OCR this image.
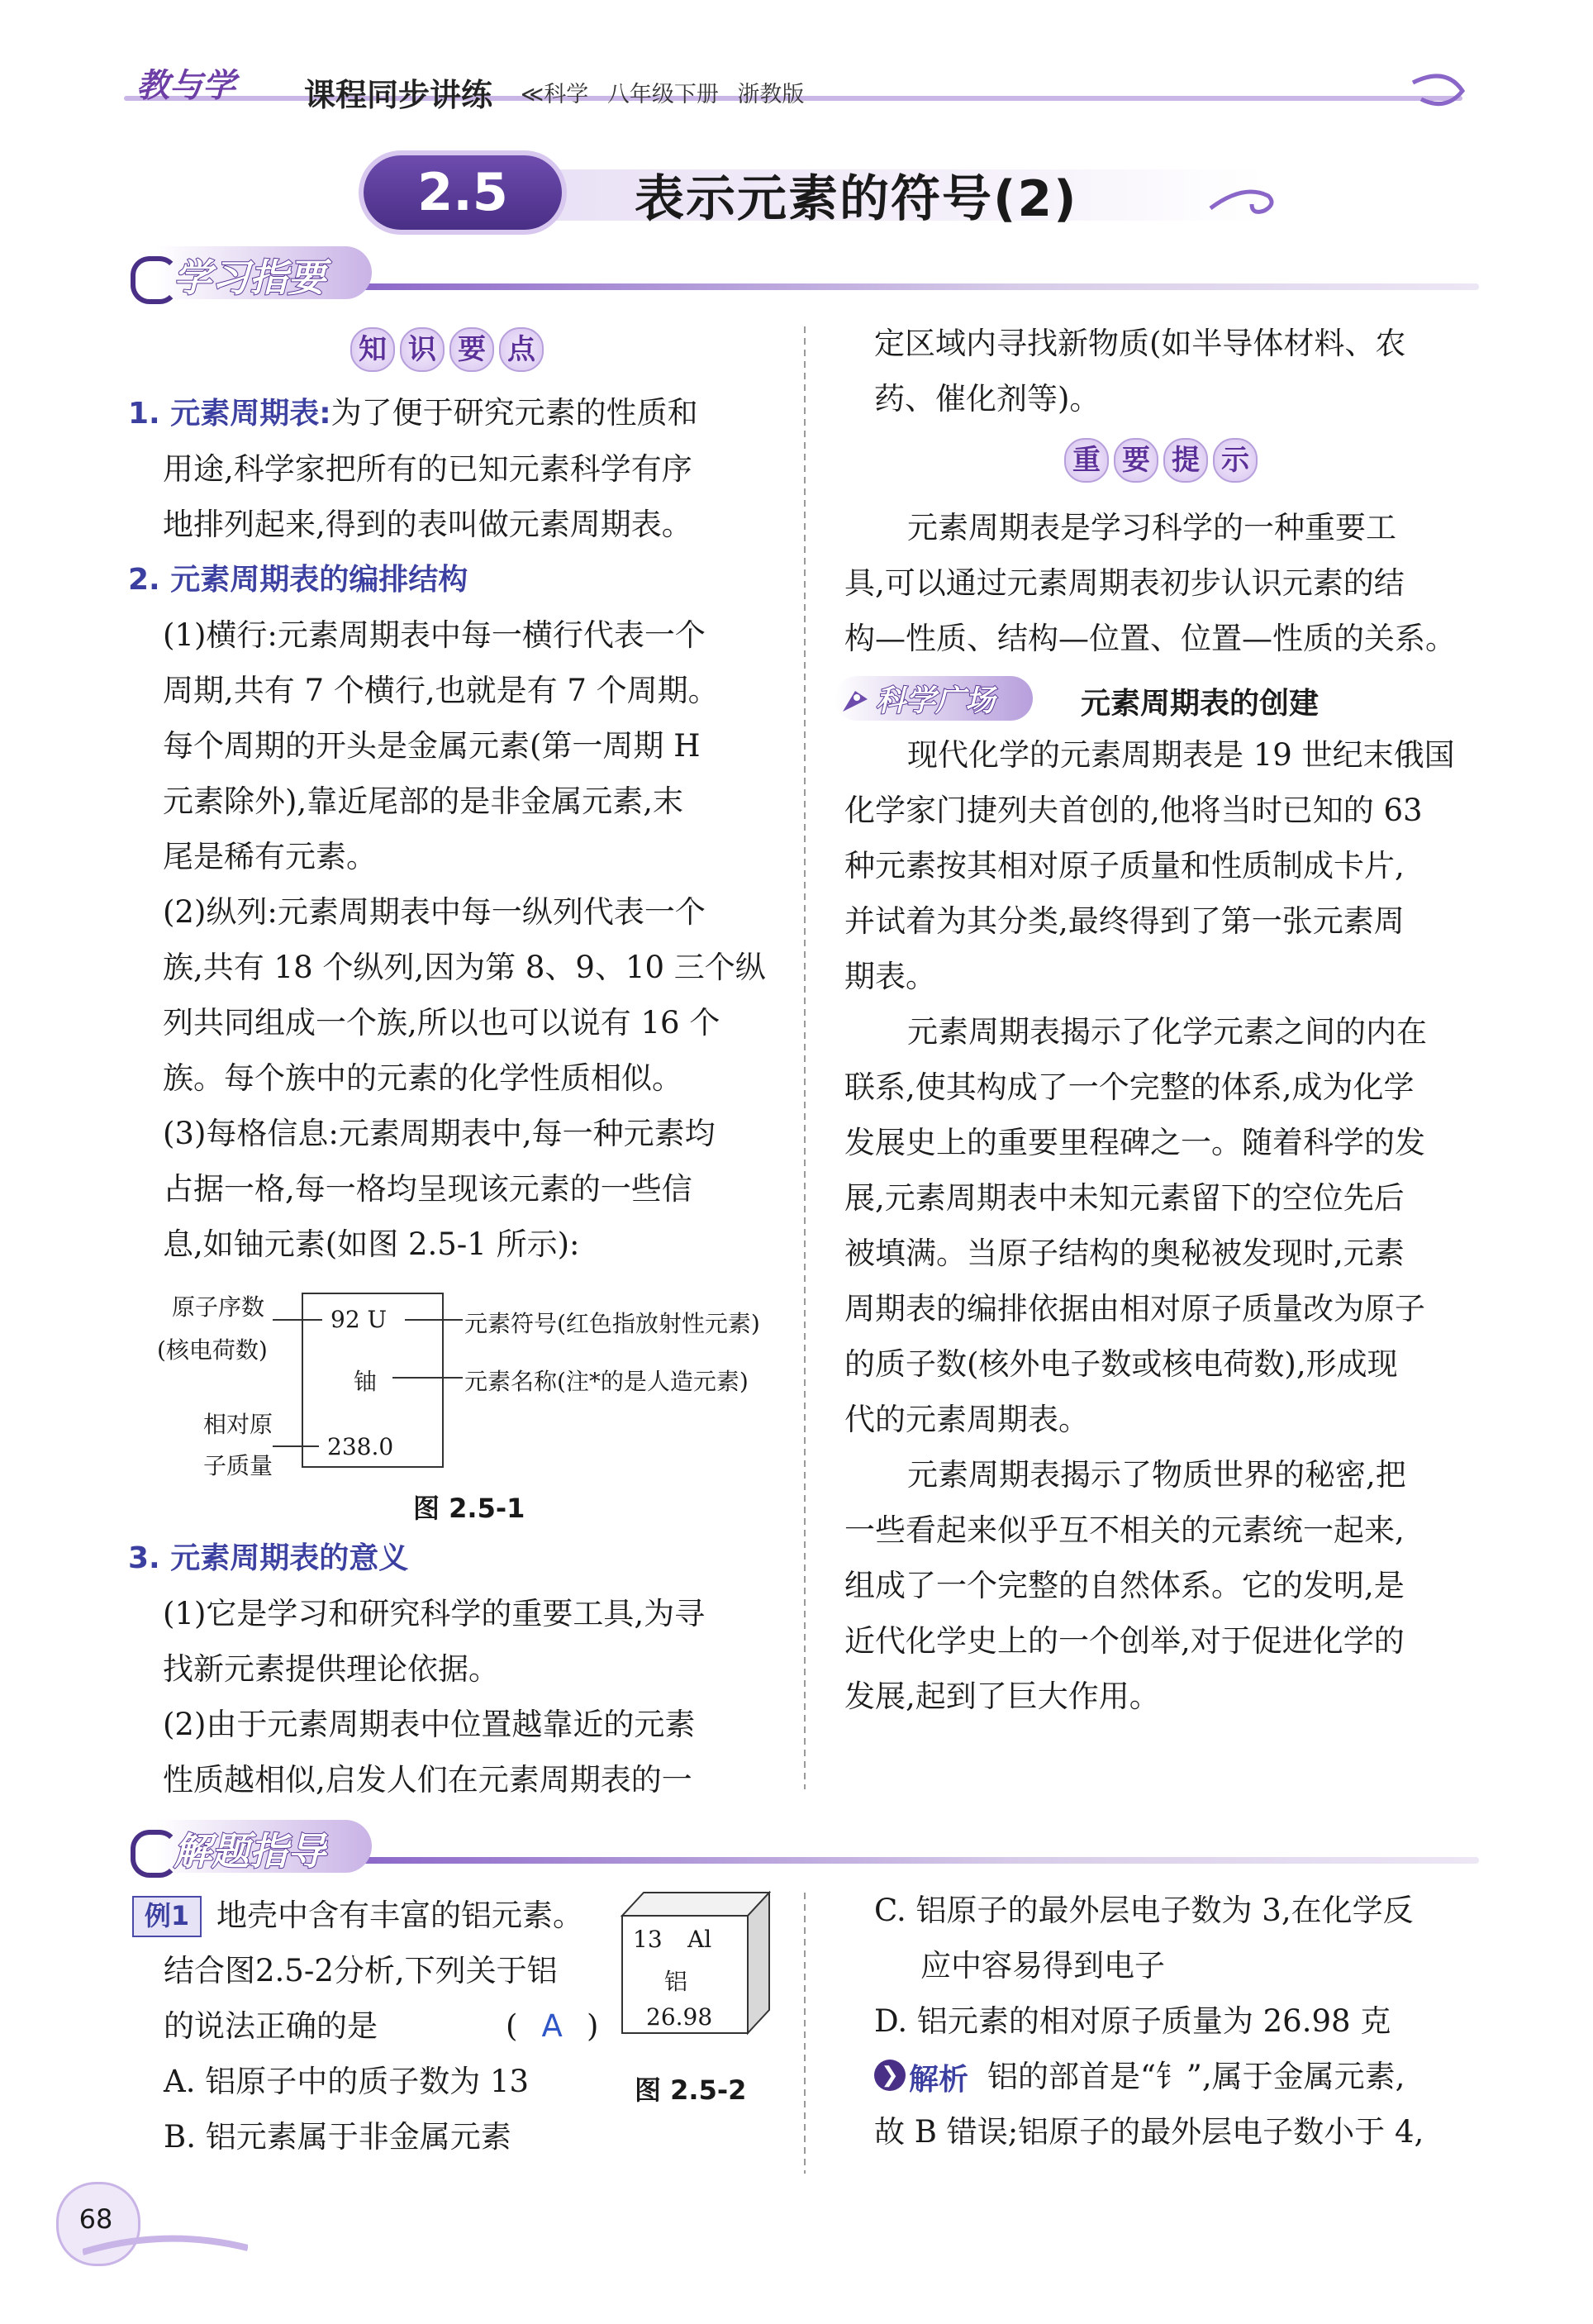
教与学 课程同步讲练 ≪科学 八年级下册 浙教版
2.5	表示元素的符号(2)
学习指要
知 识 要 点
1. 元素周期表:为了便于研究元素的性质和
用途,科学家把所有的已知元素科学有序
地排列起来,得到的表叫做元素周期表。
2. 元素周期表的编排结构
(1)横行:元素周期表中每一横行代表一个
周期,共有 7 个横行,也就是有 7 个周期。
每个周期的开头是金属元素(第一周期 H
元素除外),靠近尾部的是非金属元素,末
尾是稀有元素。
(2)纵列:元素周期表中每一纵列代表一个
族,共有 18 个纵列,因为第 8、9、10 三个纵
列共同组成一个族,所以也可以说有 16 个
族。每个族中的元素的化学性质相似。
(3)每格信息:元素周期表中,每一种元素均
占据一格,每一格均呈现该元素的一些信
息,如铀元素(如图 2.5-1 所示):
原子序数
(核电荷数)
相对原
子质量
92 U
铀
238.0
元素符号(红色指放射性元素)
元素名称(注*的是人造元素)
图 2.5-1
3. 元素周期表的意义
(1)它是学习和研究科学的重要工具,为寻
找新元素提供理论依据。
(2)由于元素周期表中位置越靠近的元素
性质越相似,启发人们在元素周期表的一
定区域内寻找新物质(如半导体材料、农
药、催化剂等)。
重 要 提 示
元素周期表是学习科学的一种重要工
具,可以通过元素周期表初步认识元素的结
构—性质、结构—位置、位置—性质的关系。
科学广场	元素周期表的创建
现代化学的元素周期表是 19 世纪末俄国
化学家门捷列夫首创的,他将当时已知的 63
种元素按其相对原子质量和性质制成卡片,
并试着为其分类,最终得到了第一张元素周
期表。
元素周期表揭示了化学元素之间的内在
联系,使其构成了一个完整的体系,成为化学
发展史上的重要里程碑之一。随着科学的发
展,元素周期表中未知元素留下的空位先后
被填满。当原子结构的奥秘被发现时,元素
周期表的编排依据由相对原子质量改为原子
的质子数(核外电子数或核电荷数),形成现
代的元素周期表。
元素周期表揭示了物质世界的秘密,把
一些看起来似乎互不相关的元素统一起来,
组成了一个完整的自然体系。它的发明,是
近代化学史上的一个创举,对于促进化学的
发展,起到了巨大作用。
解题指导
例1 地壳中含有丰富的铝元素。
结合图2.5-2分析,下列关于铝
的说法正确的是	( A )
A. 铝原子中的质子数为 13
B. 铝元素属于非金属元素
13 Al
铝
26.98
图 2.5-2
C. 铝原子的最外层电子数为 3,在化学反
应中容易得到电子
D. 铝元素的相对原子质量为 26.98 克
❯ 解析 铝的部首是“钅”,属于金属元素,
故 B 错误;铝原子的最外层电子数小于 4,
68
